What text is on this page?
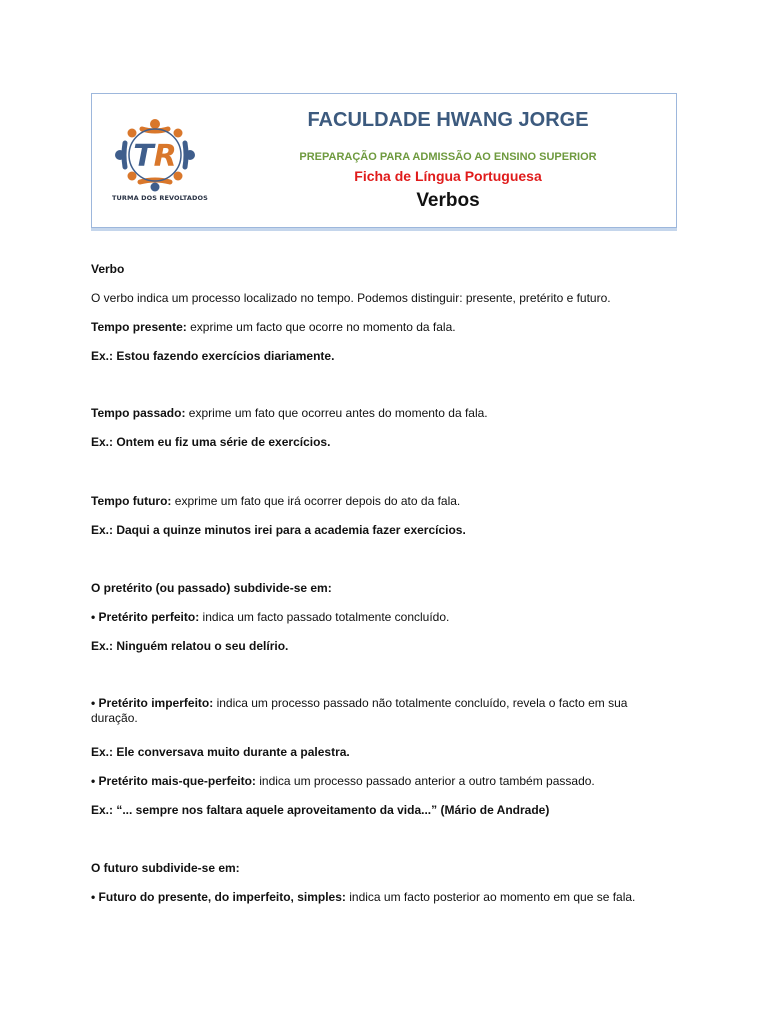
TR
TURMA DOS REVOLTADOS
FACULDADE HWANG JORGE
PREPARAÇÃO PARA ADMISSÃO AO ENSINO SUPERIOR
Ficha de Língua Portuguesa
Verbos
Verbo
O verbo indica um processo localizado no tempo. Podemos distinguir: presente, pretérito e futuro.
Tempo presente: exprime um facto que ocorre no momento da fala.
Ex.: Estou fazendo exercícios diariamente.
Tempo passado: exprime um fato que ocorreu antes do momento da fala.
Ex.: Ontem eu fiz uma série de exercícios.
Tempo futuro: exprime um fato que irá ocorrer depois do ato da fala.
Ex.: Daqui a quinze minutos irei para a academia fazer exercícios.
O pretérito (ou passado) subdivide-se em:
• Pretérito perfeito: indica um facto passado totalmente concluído.
Ex.: Ninguém relatou o seu delírio.
• Pretérito imperfeito: indica um processo passado não totalmente concluído, revela o facto em sua duração.
Ex.: Ele conversava muito durante a palestra.
• Pretérito mais-que-perfeito: indica um processo passado anterior a outro também passado.
Ex.: “... sempre nos faltara aquele aproveitamento da vida...” (Mário de Andrade)
O futuro subdivide-se em:
• Futuro do presente, do imperfeito, simples: indica um facto posterior ao momento em que se fala.
